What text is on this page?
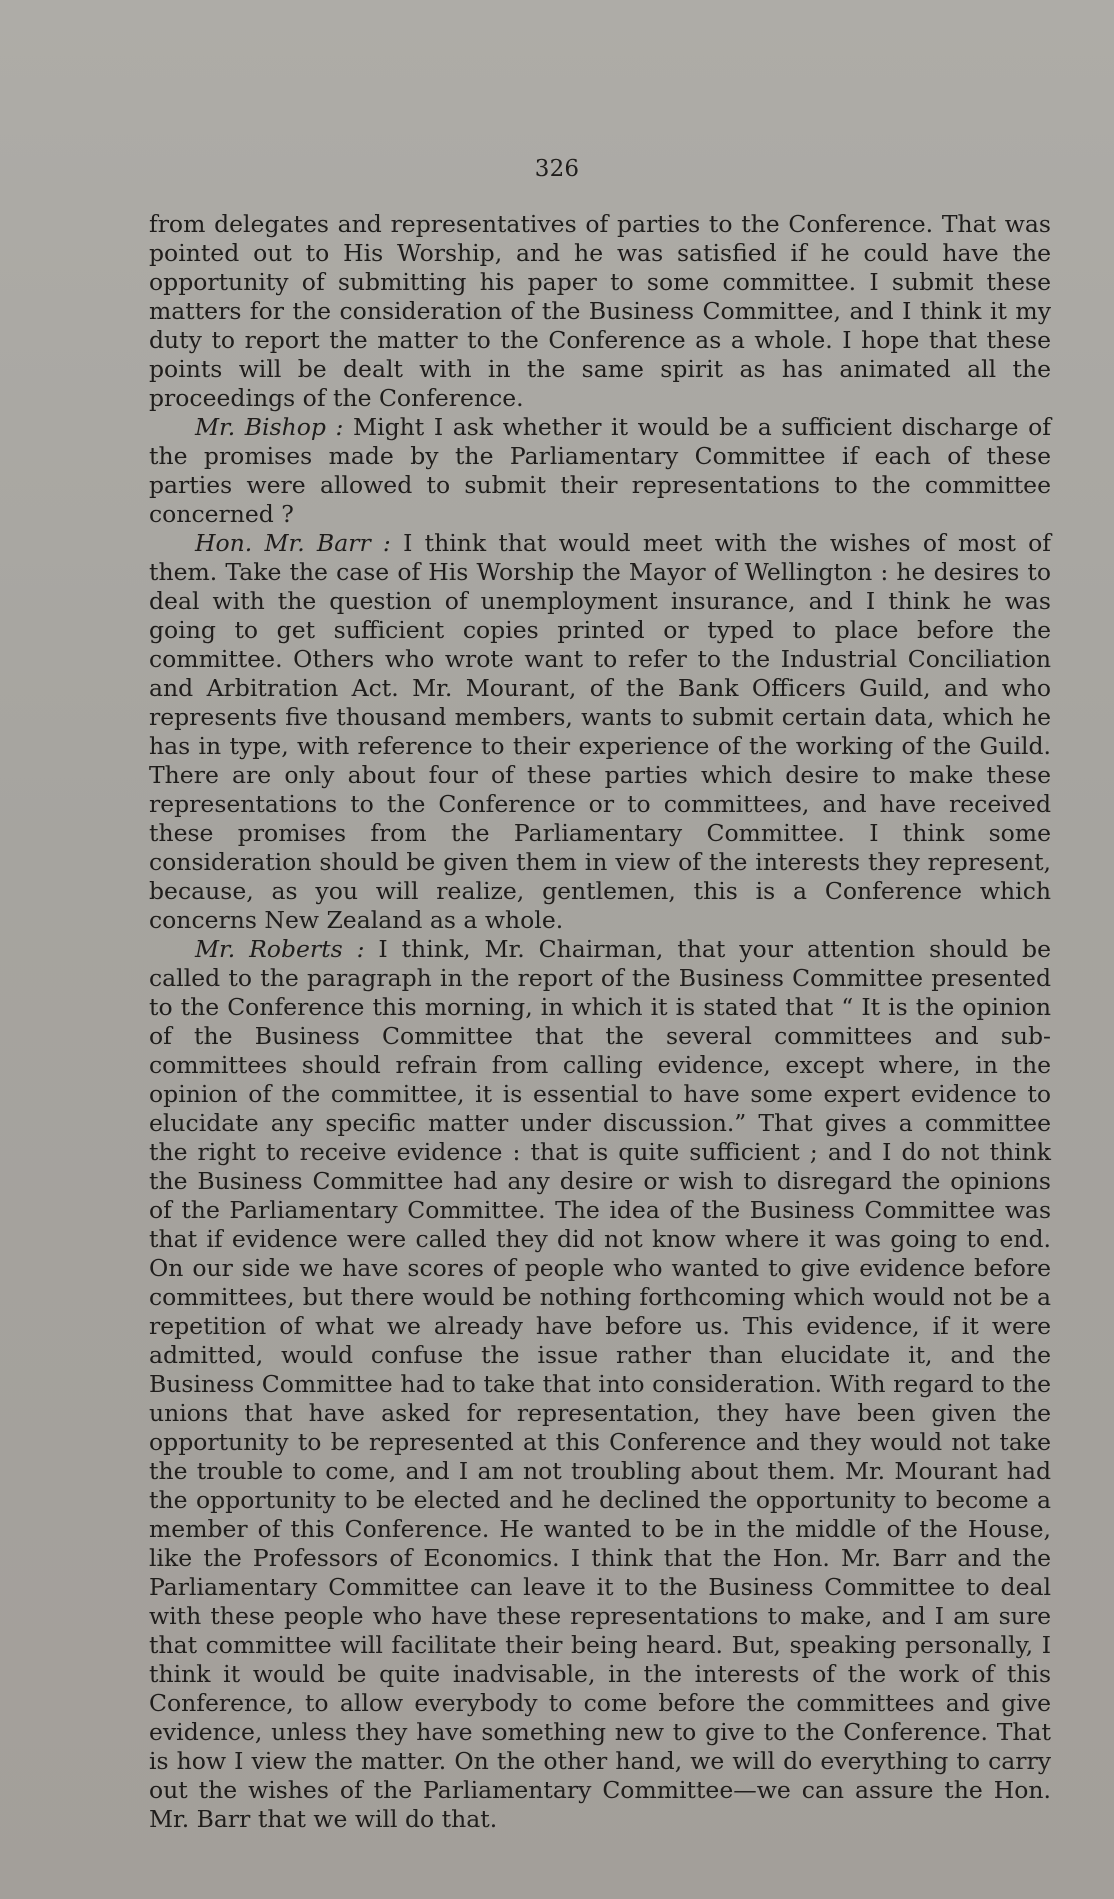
326

from delegates and representatives of parties to the Conference. That was pointed out to His Worship, and he was satisfied if he could have the opportunity of submitting his paper to some committee. I submit these matters for the consideration of the Business Committee, and I think it my duty to report the matter to the Conference as a whole. I hope that these points will be dealt with in the same spirit as has animated all the proceedings of the Conference.

Mr. Bishop : Might I ask whether it would be a sufficient discharge of the promises made by the Parliamentary Committee if each of these parties were allowed to submit their representations to the committee concerned ?

Hon. Mr. Barr : I think that would meet with the wishes of most of them. Take the case of His Worship the Mayor of Wellington : he desires to deal with the question of unemployment insurance, and I think he was going to get sufficient copies printed or typed to place before the committee. Others who wrote want to refer to the Industrial Conciliation and Arbitration Act. Mr. Mourant, of the Bank Officers Guild, and who represents five thousand members, wants to submit certain data, which he has in type, with reference to their experience of the working of the Guild. There are only about four of these parties which desire to make these representations to the Conference or to committees, and have received these promises from the Parliamentary Committee. I think some consideration should be given them in view of the interests they represent, because, as you will realize, gentlemen, this is a Conference which concerns New Zealand as a whole.

Mr. Roberts : I think, Mr. Chairman, that your attention should be called to the paragraph in the report of the Business Committee presented to the Conference this morning, in which it is stated that “ It is the opinion of the Business Committee that the several committees and sub-committees should refrain from calling evidence, except where, in the opinion of the committee, it is essential to have some expert evidence to elucidate any specific matter under discussion.” That gives a committee the right to receive evidence : that is quite sufficient ; and I do not think the Business Committee had any desire or wish to disregard the opinions of the Parliamentary Committee. The idea of the Business Committee was that if evidence were called they did not know where it was going to end. On our side we have scores of people who wanted to give evidence before committees, but there would be nothing forthcoming which would not be a repetition of what we already have before us. This evidence, if it were admitted, would confuse the issue rather than elucidate it, and the Business Committee had to take that into consideration. With regard to the unions that have asked for representation, they have been given the opportunity to be represented at this Conference and they would not take the trouble to come, and I am not troubling about them. Mr. Mourant had the opportunity to be elected and he declined the opportunity to become a member of this Conference. He wanted to be in the middle of the House, like the Professors of Economics. I think that the Hon. Mr. Barr and the Parliamentary Committee can leave it to the Business Committee to deal with these people who have these representations to make, and I am sure that committee will facilitate their being heard. But, speaking personally, I think it would be quite inadvisable, in the interests of the work of this Conference, to allow everybody to come before the committees and give evidence, unless they have something new to give to the Conference. That is how I view the matter. On the other hand, we will do everything to carry out the wishes of the Parliamentary Committee—we can assure the Hon. Mr. Barr that we will do that.
